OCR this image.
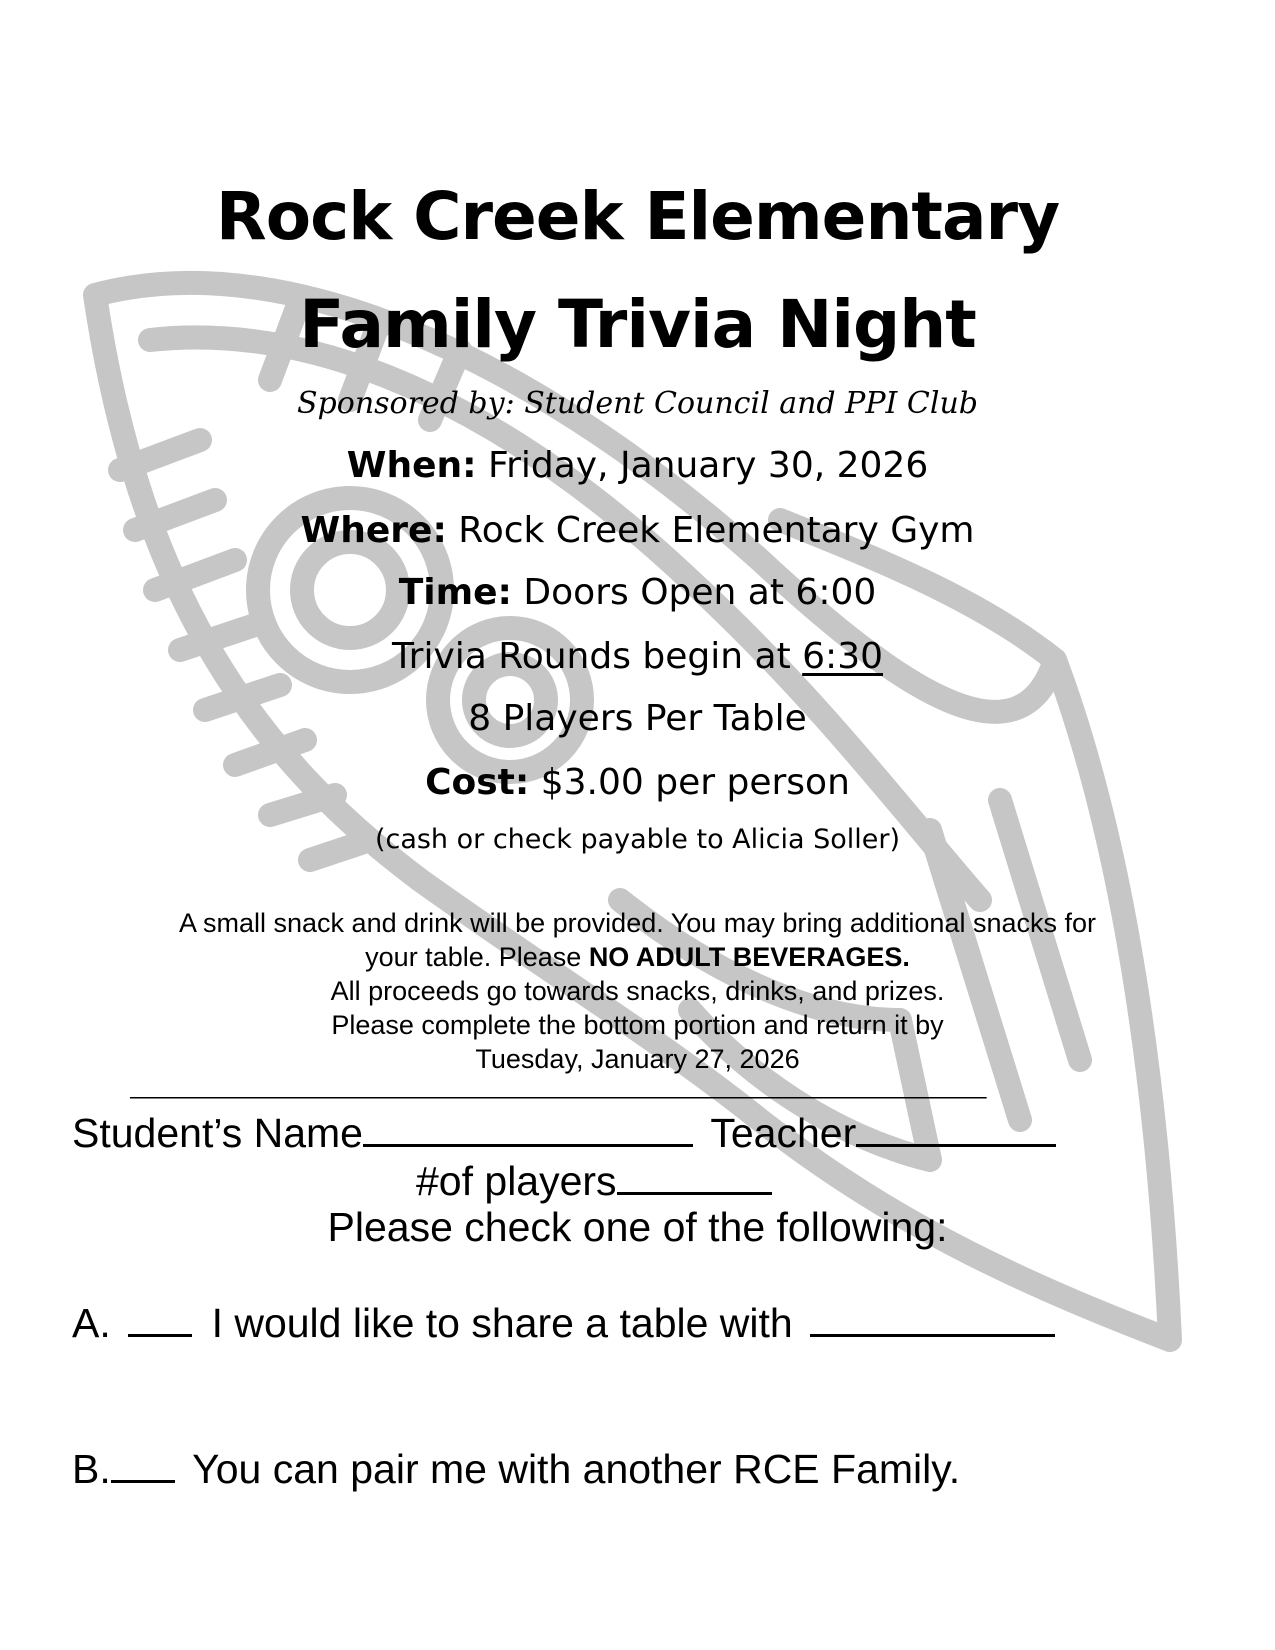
Rock Creek Elementary
Family Trivia Night
Sponsored by: Student Council and PPI Club
When: Friday, January 30, 2026
Where: Rock Creek Elementary Gym
Time: Doors Open at 6:00
Trivia Rounds begin at 6:30
8 Players Per Table
Cost: $3.00 per person
(cash or check payable to Alicia Soller)
A small snack and drink will be provided. You may bring additional snacks for
your table. Please NO ADULT BEVERAGES.
All proceeds go towards snacks, drinks, and prizes.
Please complete the bottom portion and return it by
Tuesday, January 27, 2026
_______________________________________________
Student’s Name	Teacher
#of players
Please check one of the following:
A. I would like to share a table with
B. You can pair me with another RCE Family.
